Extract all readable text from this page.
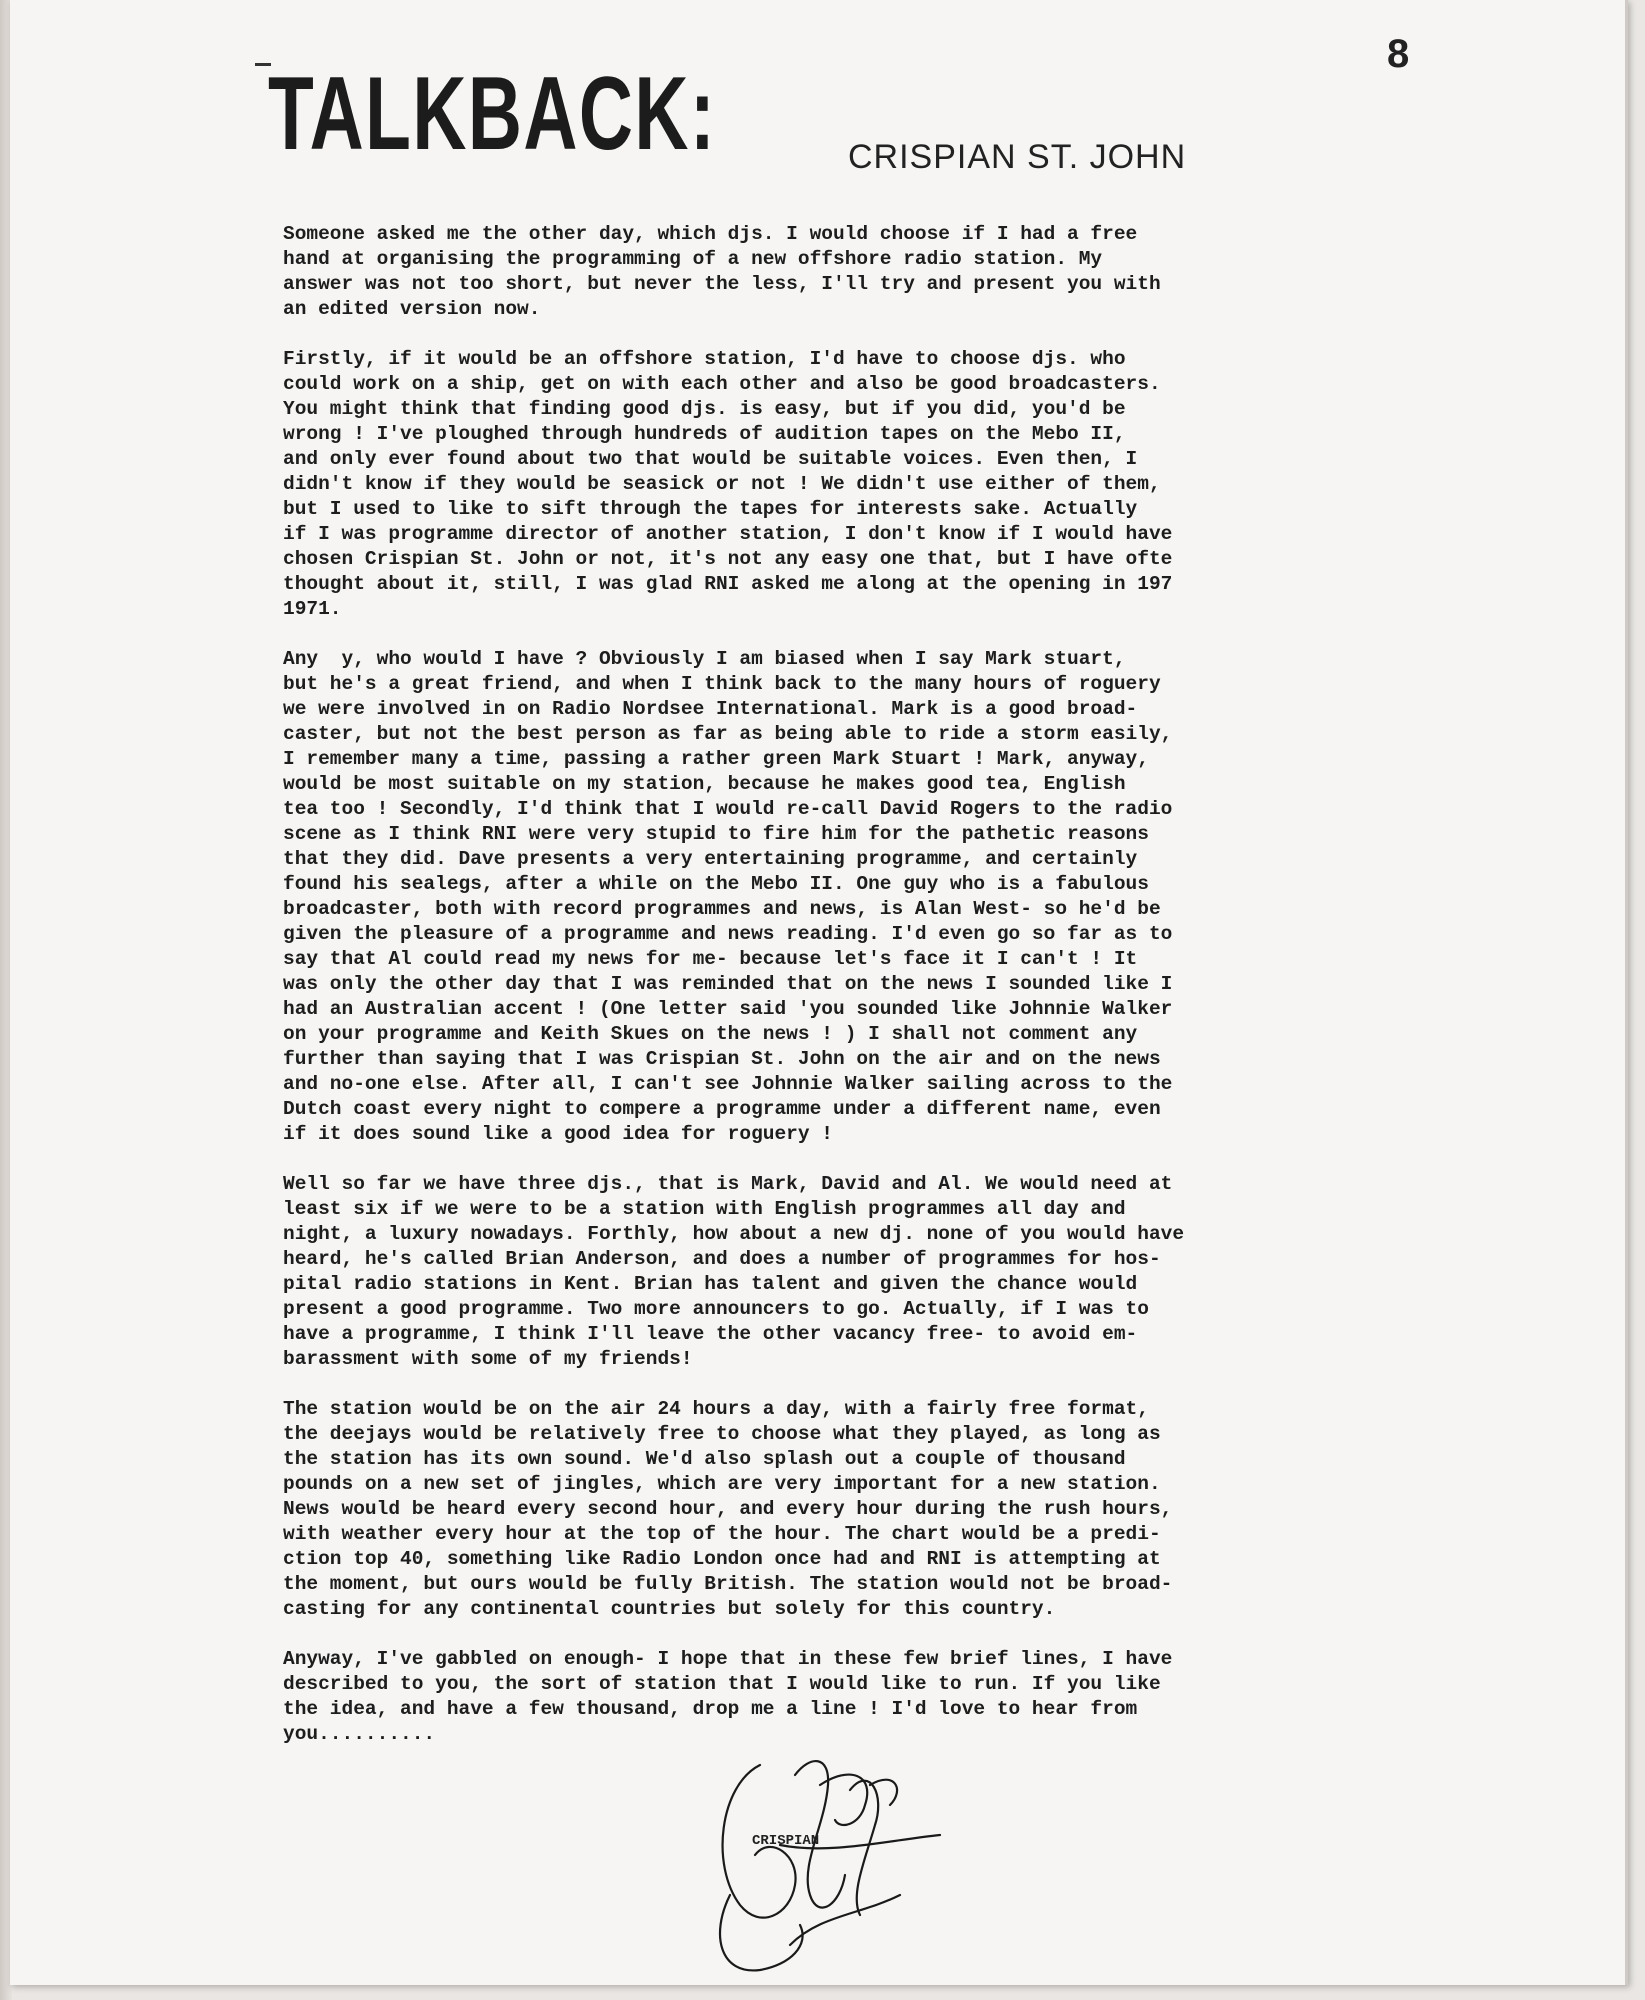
TALKBACK:	CRISPIAN ST. JOHN
8
Someone asked me the other day, which djs. I would choose if I had a free
hand at organising the programming of a new offshore radio station. My
answer was not too short, but never the less, I'll try and present you with
an edited version now.
Firstly, if it would be an offshore station, I'd have to choose djs. who
could work on a ship, get on with each other and also be good broadcasters.
You might think that finding good djs. is easy, but if you did, you'd be
wrong ! I've ploughed through hundreds of audition tapes on the Mebo II,
and only ever found about two that would be suitable voices. Even then, I
didn't know if they would be seasick or not ! We didn't use either of them,
but I used to like to sift through the tapes for interests sake. Actually
if I was programme director of another station, I don't know if I would have
chosen Crispian St. John or not, it's not any easy one that, but I have ofte
thought about it, still, I was glad RNI asked me along at the opening in 197
1971.
Any  y, who would I have ? Obviously I am biased when I say Mark stuart,
but he's a great friend, and when I think back to the many hours of roguery
we were involved in on Radio Nordsee International. Mark is a good broad-
caster, but not the best person as far as being able to ride a storm easily,
I remember many a time, passing a rather green Mark Stuart ! Mark, anyway,
would be most suitable on my station, because he makes good tea, English
tea too ! Secondly, I'd think that I would re-call David Rogers to the radio
scene as I think RNI were very stupid to fire him for the pathetic reasons
that they did. Dave presents a very entertaining programme, and certainly
found his sealegs, after a while on the Mebo II. One guy who is a fabulous
broadcaster, both with record programmes and news, is Alan West- so he'd be
given the pleasure of a programme and news reading. I'd even go so far as to
say that Al could read my news for me- because let's face it I can't ! It
was only the other day that I was reminded that on the news I sounded like I
had an Australian accent ! (One letter said 'you sounded like Johnnie Walker
on your programme and Keith Skues on the news ! ) I shall not comment any
further than saying that I was Crispian St. John on the air and on the news
and no-one else. After all, I can't see Johnnie Walker sailing across to the
Dutch coast every night to compere a programme under a different name, even
if it does sound like a good idea for roguery !
Well so far we have three djs., that is Mark, David and Al. We would need at
least six if we were to be a station with English programmes all day and
night, a luxury nowadays. Forthly, how about a new dj. none of you would have
heard, he's called Brian Anderson, and does a number of programmes for hos-
pital radio stations in Kent. Brian has talent and given the chance would
present a good programme. Two more announcers to go. Actually, if I was to
have a programme, I think I'll leave the other vacancy free- to avoid em-
barassment with some of my friends!
The station would be on the air 24 hours a day, with a fairly free format,
the deejays would be relatively free to choose what they played, as long as
the station has its own sound. We'd also splash out a couple of thousand
pounds on a new set of jingles, which are very important for a new station.
News would be heard every second hour, and every hour during the rush hours,
with weather every hour at the top of the hour. The chart would be a predi-
ction top 40, something like Radio London once had and RNI is attempting at
the moment, but ours would be fully British. The station would not be broad-
casting for any continental countries but solely for this country.
Anyway, I've gabbled on enough- I hope that in these few brief lines, I have
described to you, the sort of station that I would like to run. If you like
the idea, and have a few thousand, drop me a line ! I'd love to hear from
you..........
CRISPIAN
